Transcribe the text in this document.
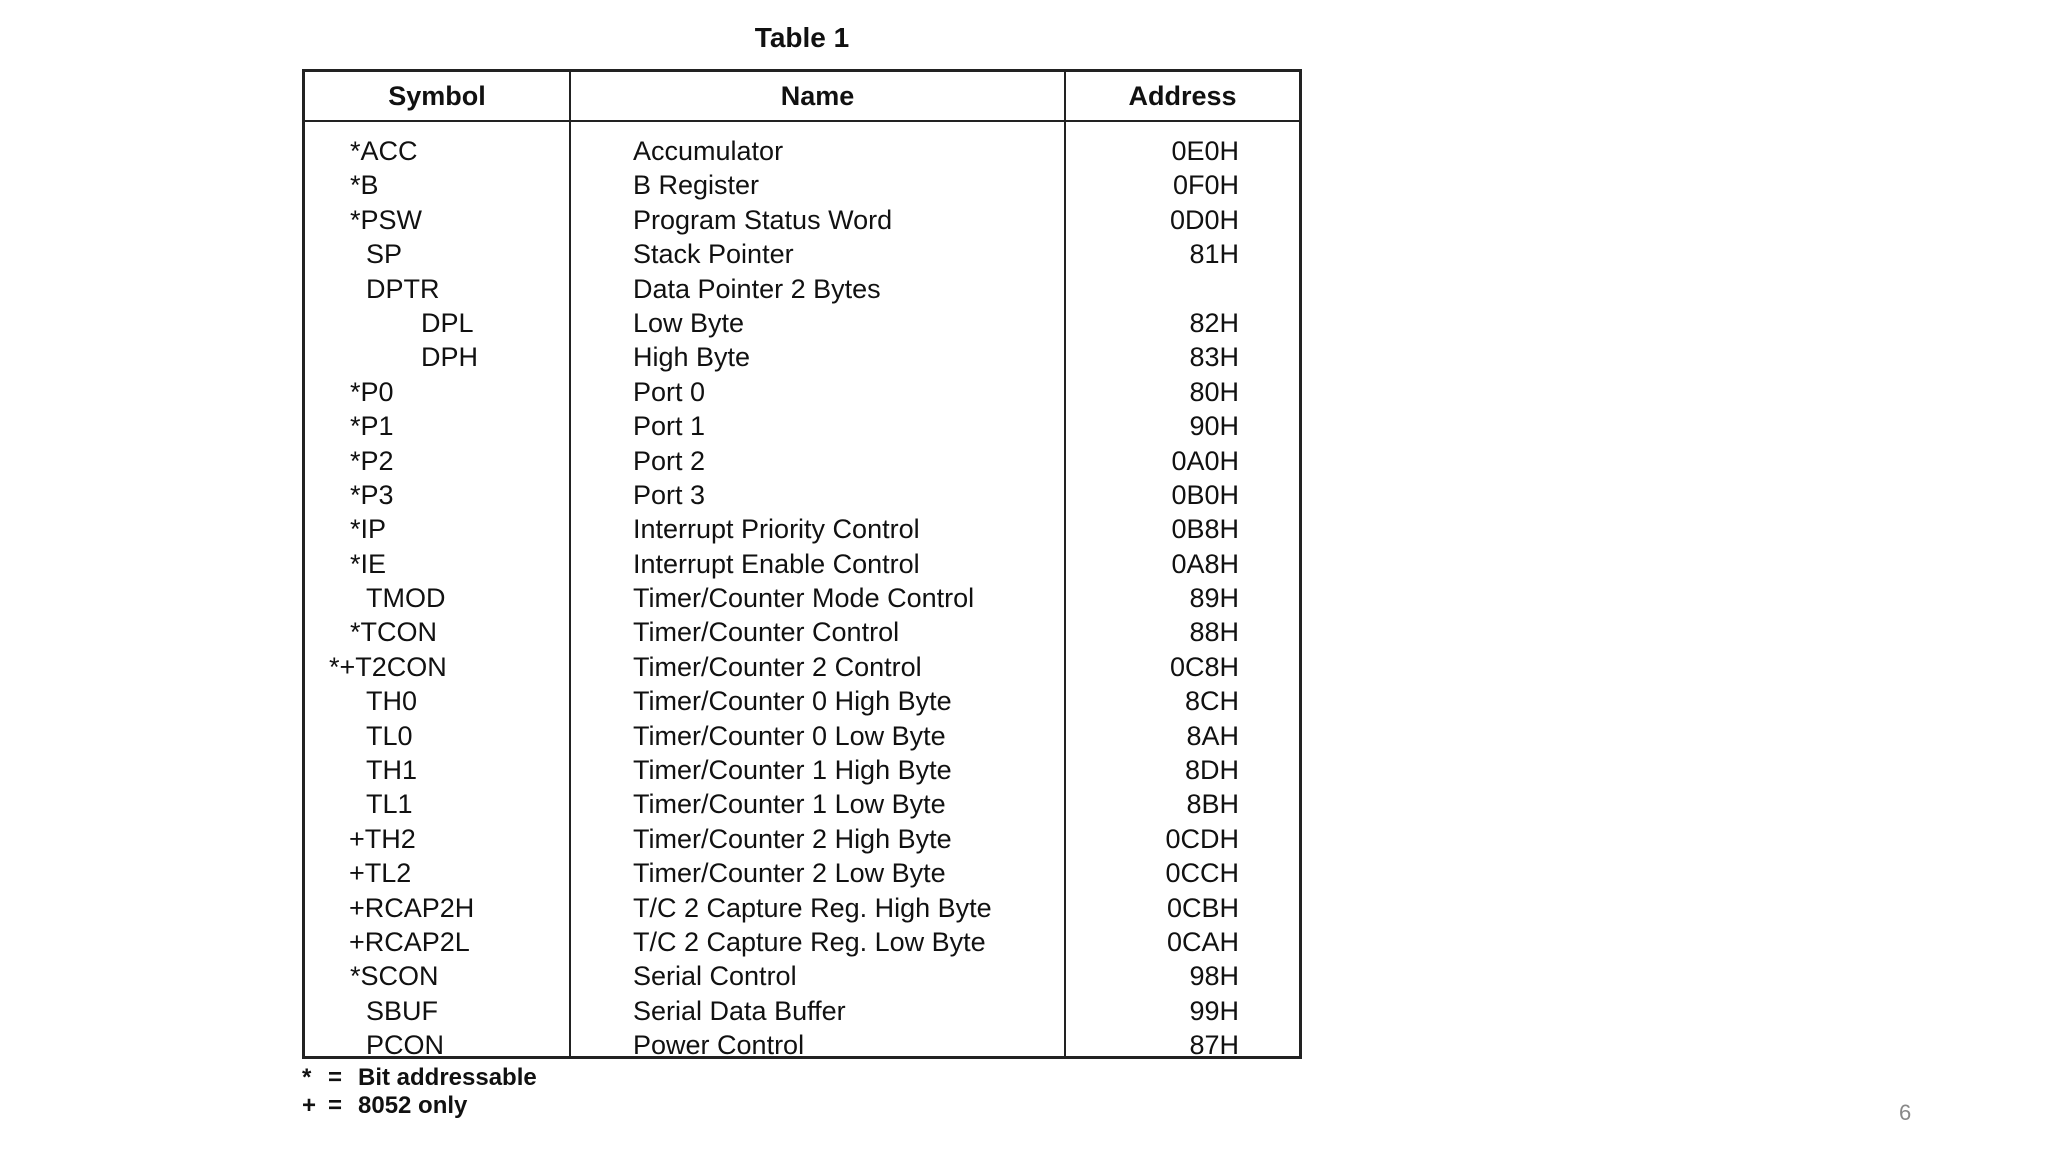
Table 1
Symbol	Name	Address
*ACC	Accumulator	0E0H
*B	B Register	0F0H
*PSW	Program Status Word	0D0H
SP	Stack Pointer	81H
DPTR	Data Pointer 2 Bytes
DPL	Low Byte	82H
DPH	High Byte	83H
*P0	Port 0	80H
*P1	Port 1	90H
*P2	Port 2	0A0H
*P3	Port 3	0B0H
*IP	Interrupt Priority Control	0B8H
*IE	Interrupt Enable Control	0A8H
TMOD	Timer/Counter Mode Control	89H
*TCON	Timer/Counter Control	88H
*+T2CON	Timer/Counter 2 Control	0C8H
TH0	Timer/Counter 0 High Byte	8CH
TL0	Timer/Counter 0 Low Byte	8AH
TH1	Timer/Counter 1 High Byte	8DH
TL1	Timer/Counter 1 Low Byte	8BH
+TH2	Timer/Counter 2 High Byte	0CDH
+TL2	Timer/Counter 2 Low Byte	0CCH
+RCAP2H	T/C 2 Capture Reg. High Byte	0CBH
+RCAP2L	T/C 2 Capture Reg. Low Byte	0CAH
*SCON	Serial Control	98H
SBUF	Serial Data Buffer	99H
PCON	Power Control	87H
* = Bit addressable
+ = 8052 only	6
